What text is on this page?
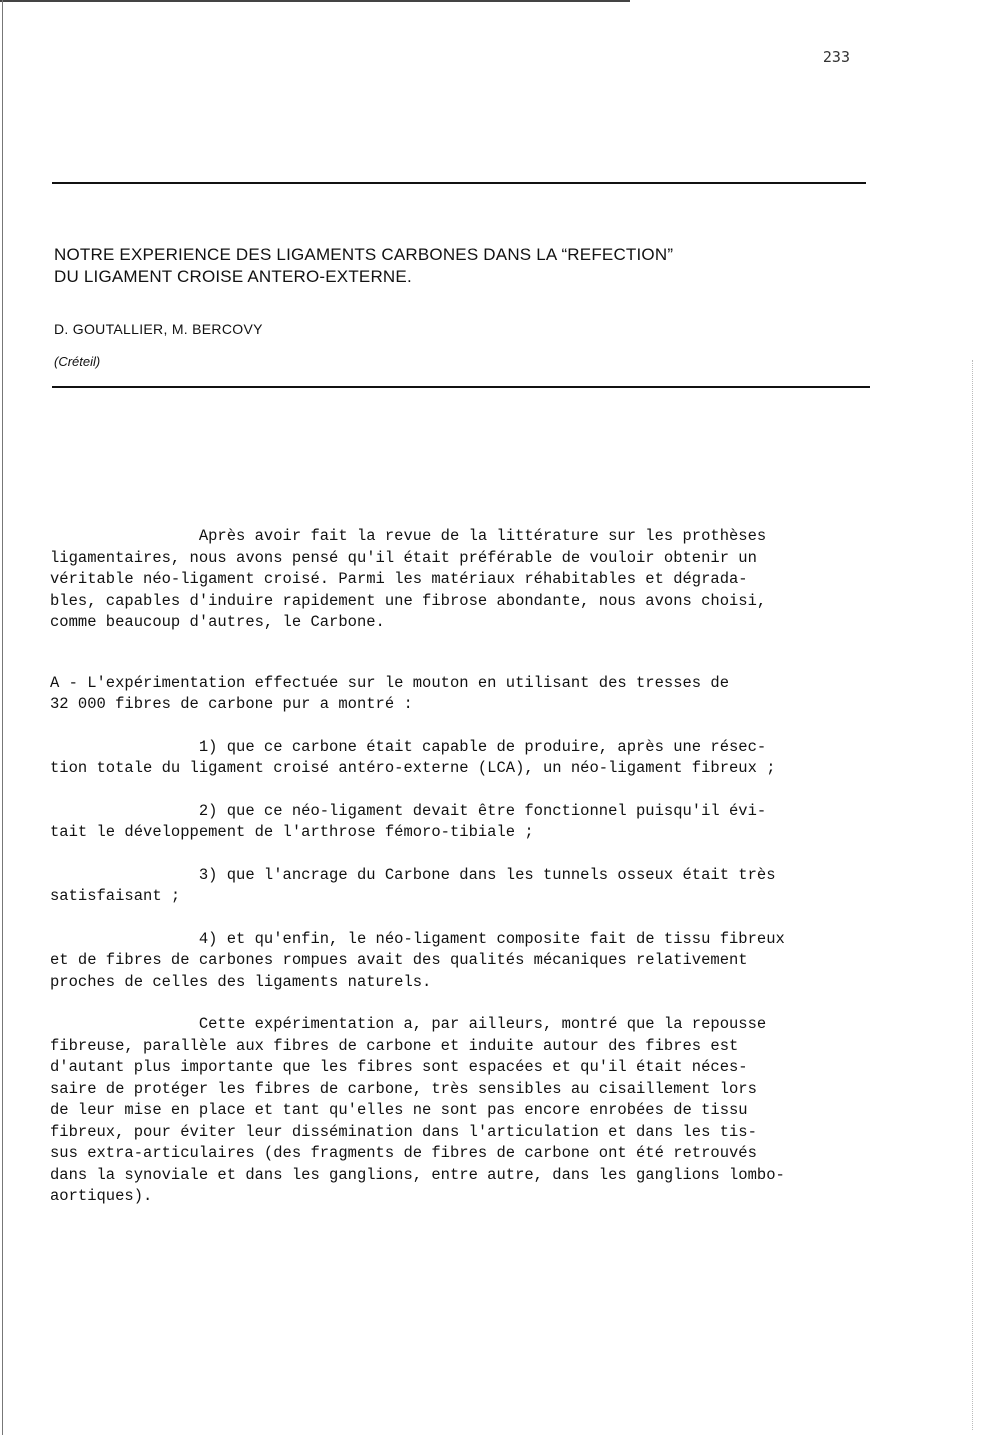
233
NOTRE EXPERIENCE DES LIGAMENTS CARBONES DANS LA “REFECTION”
DU LIGAMENT CROISE ANTERO-EXTERNE.
D. GOUTALLIER, M. BERCOVY
(Créteil)

Après avoir fait la revue de la littérature sur les prothèses

ligamentaires, nous avons pensé qu'il était préférable de vouloir obtenir un

véritable néo-ligament croisé. Parmi les matériaux réhabitables et dégrada-

bles, capables d'induire rapidement une fibrose abondante, nous avons choisi,

comme beaucoup d'autres, le Carbone.

A - L'expérimentation effectuée sur le mouton en utilisant des tresses de

32 000 fibres de carbone pur a montré :

1) que ce carbone était capable de produire, après une résec-

tion totale du ligament croisé antéro-externe (LCA), un néo-ligament fibreux ;

2) que ce néo-ligament devait être fonctionnel puisqu'il évi-

tait le développement de l'arthrose fémoro-tibiale ;

3) que l'ancrage du Carbone dans les tunnels osseux était très

satisfaisant ;

4) et qu'enfin, le néo-ligament composite fait de tissu fibreux

et de fibres de carbones rompues avait des qualités mécaniques relativement

proches de celles des ligaments naturels.

Cette expérimentation a, par ailleurs, montré que la repousse

fibreuse, parallèle aux fibres de carbone et induite autour des fibres est

d'autant plus importante que les fibres sont espacées et qu'il était néces-

saire de protéger les fibres de carbone, très sensibles au cisaillement lors

de leur mise en place et tant qu'elles ne sont pas encore enrobées de tissu

fibreux, pour éviter leur dissémination dans l'articulation et dans les tis-

sus extra-articulaires (des fragments de fibres de carbone ont été retrouvés

dans la synoviale et dans les ganglions, entre autre, dans les ganglions lombo-

aortiques).
